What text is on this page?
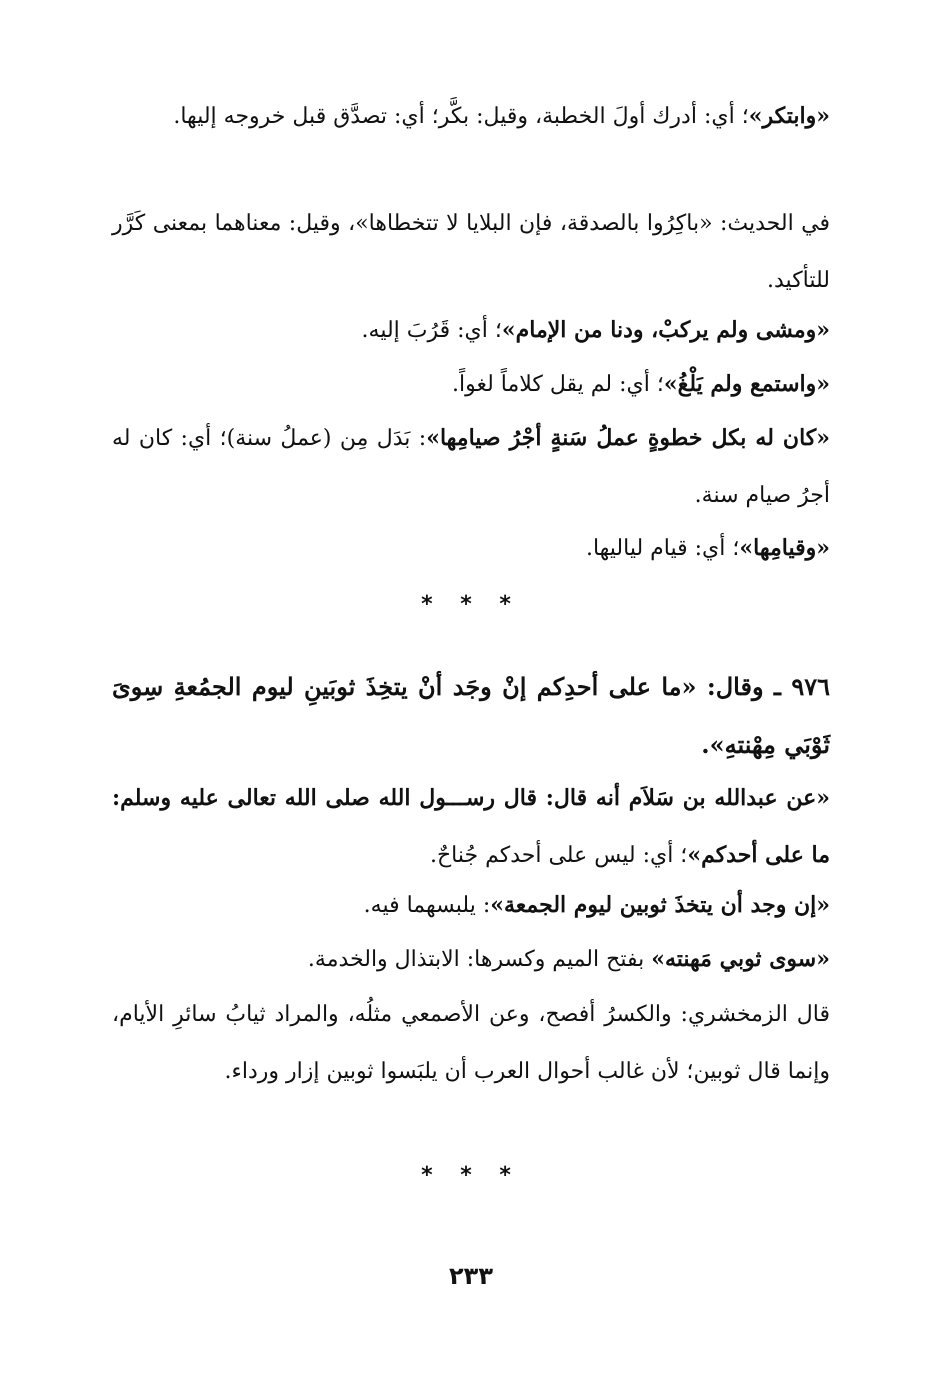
«وابتكر»؛ أي: أدرك أولَ الخطبة، وقيل: بكَّر؛ أي: تصدَّق قبل خروجه إليها.

في الحديث: «باكِرُوا بالصدقة، فإن البلايا لا تتخطاها»، وقيل: معناهما بمعنى كَرَّر للتأكيد.

«ومشى ولم يركبْ، ودنا من الإمام»؛ أي: قَرُبَ إليه.

«واستمع ولم يَلْغُ»؛ أي: لم يقل كلاماً لغواً.

«كان له بكل خطوةٍ عملُ سَنةٍ أجْرُ صيامِها»: بَدَل مِن (عملُ سنة)؛ أي: كان له أجرُ صيام سنة.

«وقيامِها»؛ أي: قيام لياليها.

* * *

٩٧٦ ـ وقال: «ما على أحدِكم إنْ وجَد أنْ يتخِذَ ثوبَينِ ليوم الجمُعةِ سِوىَ ثَوْبَي مِهْنتهِ».

«عن عبدالله بن سَلاَم أنه قال: قال رســـول الله صلى الله تعالى عليه وسلم: ما على أحدكم»؛ أي: ليس على أحدكم جُناحٌ.

«إن وجد أن يتخذَ ثوبين ليوم الجمعة»: يلبسهما فيه.

«سوى ثوبي مَهنته» بفتح الميم وكسرها: الابتذال والخدمة.

قال الزمخشري: والكسرُ أفصح، وعن الأصمعي مثلُه، والمراد ثيابُ سائرِ الأيام، وإنما قال ثوبين؛ لأن غالب أحوال العرب أن يلبَسوا ثوبين إزار ورداء.

* * *
٢٣٣
